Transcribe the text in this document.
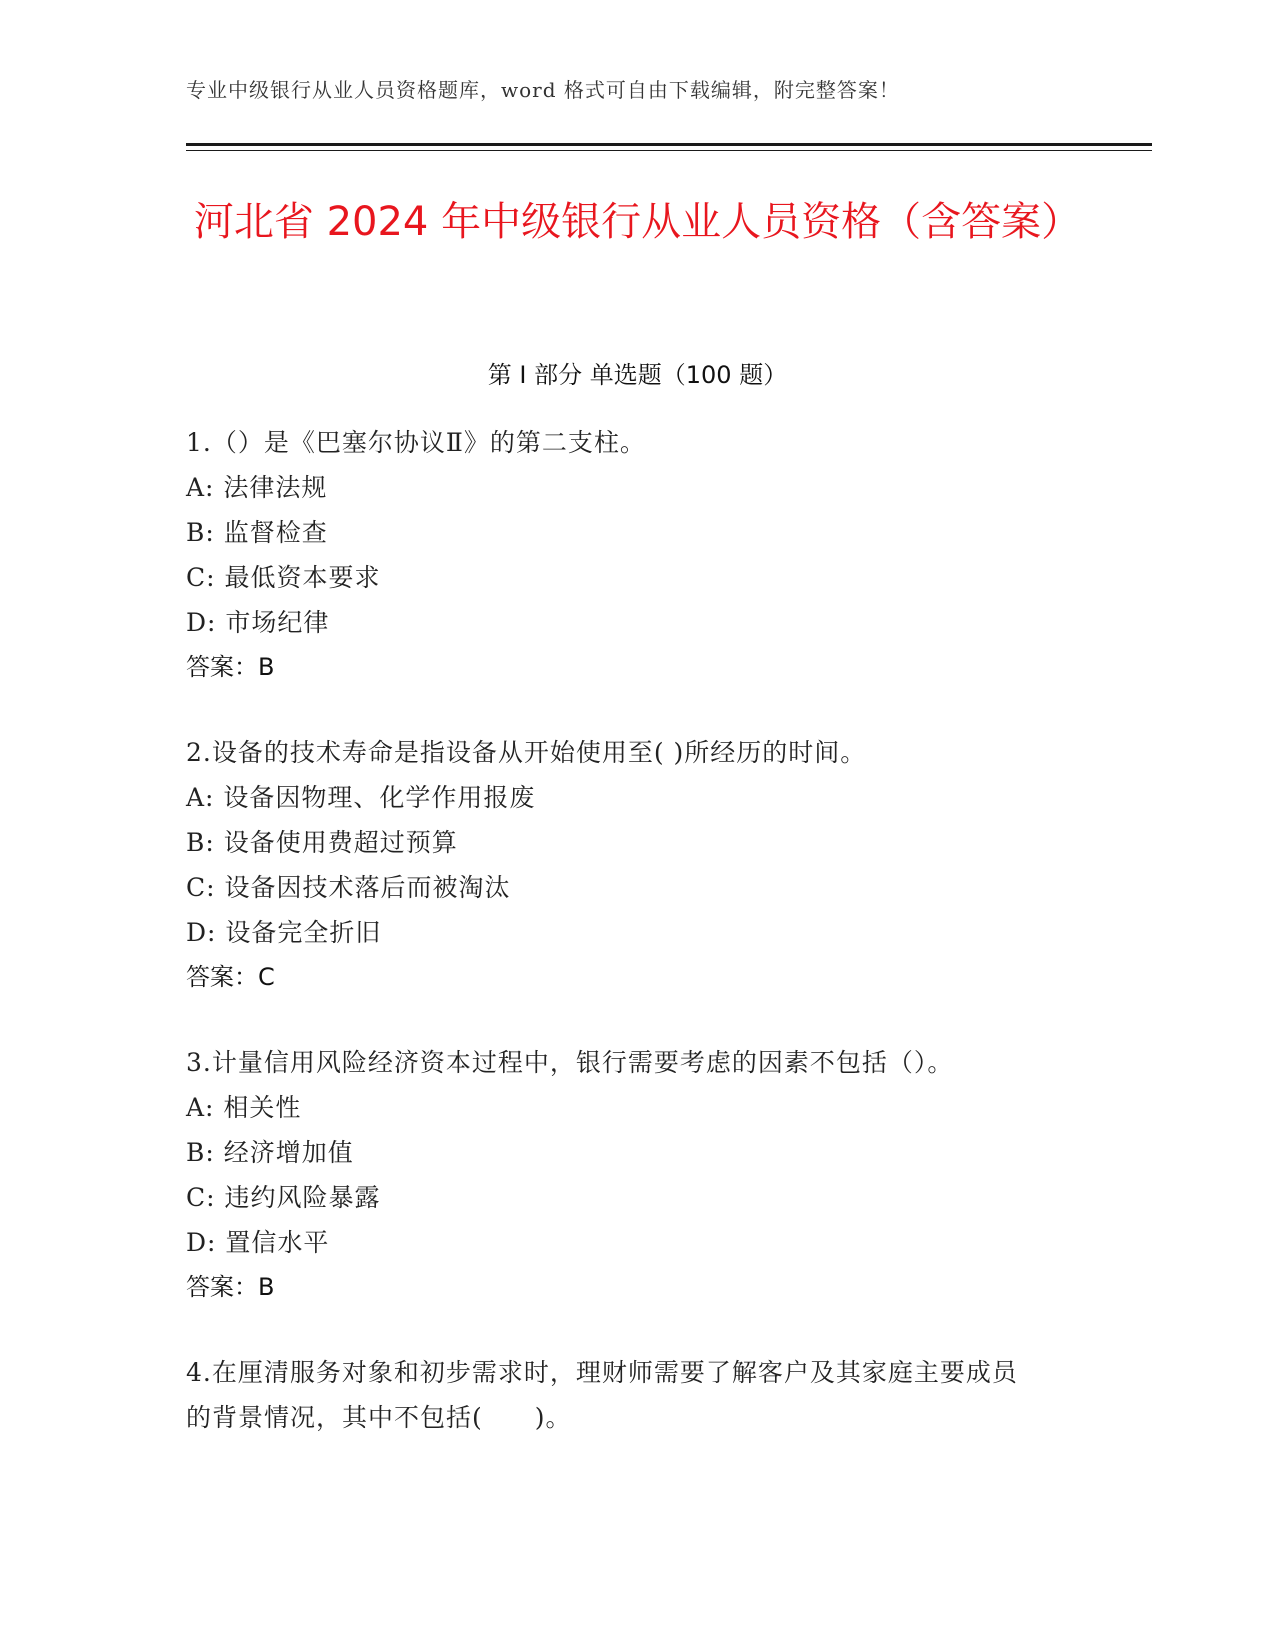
专业中级银行从业人员资格题库，word 格式可自由下载编辑，附完整答案！
河北省 2024 年中级银行从业人员资格（含答案）
第 I 部分 单选题（100 题）
1.（）是《巴塞尔协议Ⅱ》的第二支柱。
A: 法律法规
B: 监督检查
C: 最低资本要求
D: 市场纪律
答案：B
2.设备的技术寿命是指设备从开始使用至( )所经历的时间。
A: 设备因物理、化学作用报废
B: 设备使用费超过预算
C: 设备因技术落后而被淘汰
D: 设备完全折旧
答案：C
3.计量信用风险经济资本过程中，银行需要考虑的因素不包括（）。
A: 相关性
B: 经济增加值
C: 违约风险暴露
D: 置信水平
答案：B
4.在厘清服务对象和初步需求时，理财师需要了解客户及其家庭主要成员的背景情况，其中不包括(　　)。
